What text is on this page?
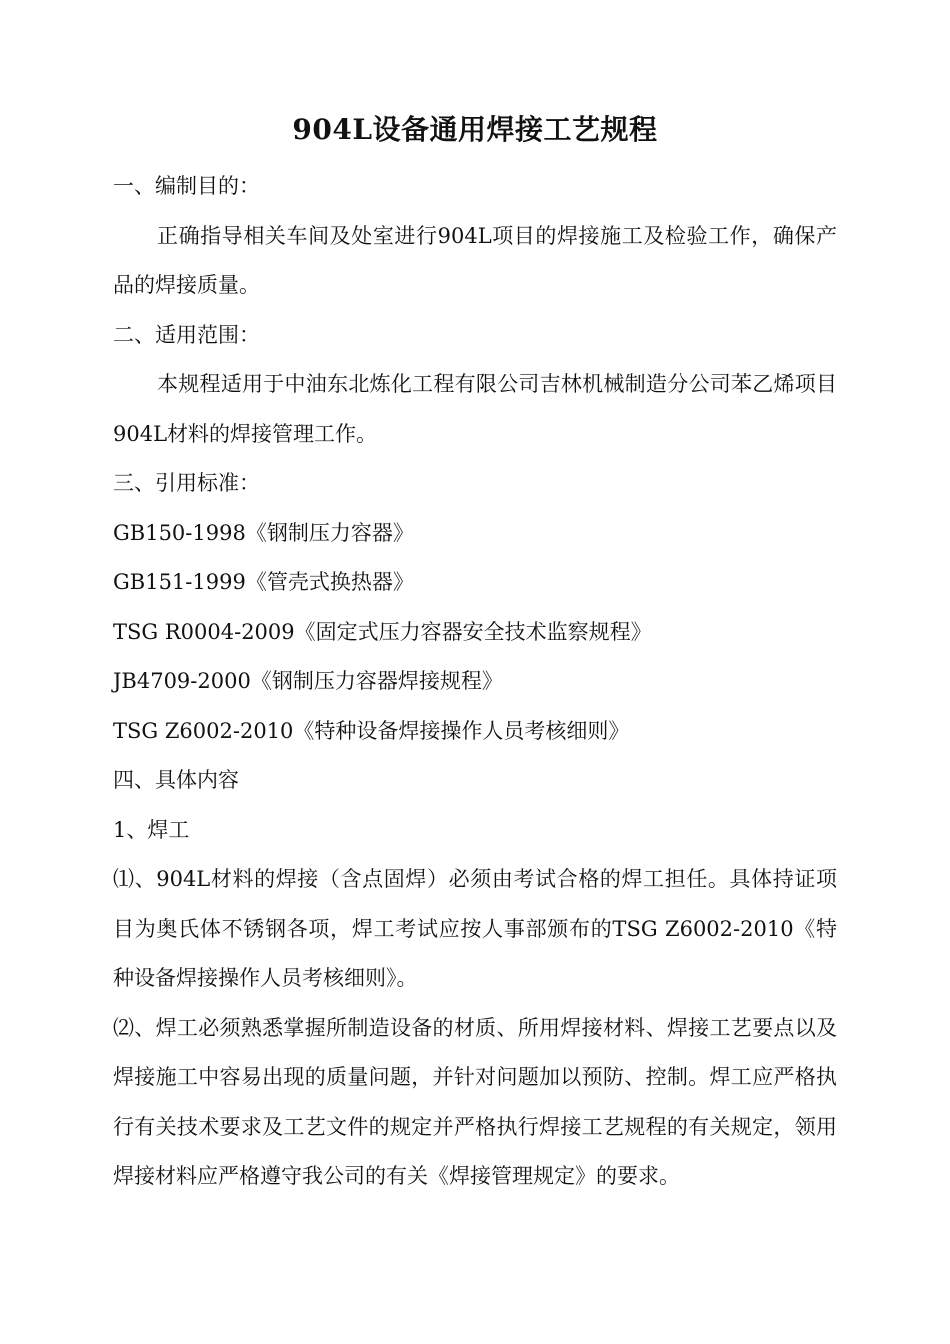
904L设备通用焊接工艺规程

一、编制目的：

正确指导相关车间及处室进行904L项目的焊接施工及检验工作，确保产品的焊接质量。

二、适用范围：

本规程适用于中油东北炼化工程有限公司吉林机械制造分公司苯乙烯项目904L材料的焊接管理工作。

三、引用标准：

GB150-1998《钢制压力容器》

GB151-1999《管壳式换热器》

TSG R0004-2009《固定式压力容器安全技术监察规程》

JB4709-2000《钢制压力容器焊接规程》

TSG Z6002-2010《特种设备焊接操作人员考核细则》

四、具体内容

1、焊工

⑴、904L材料的焊接（含点固焊）必须由考试合格的焊工担任。具体持证项目为奥氏体不锈钢各项，焊工考试应按人事部颁布的TSG Z6002-2010《特种设备焊接操作人员考核细则》。

⑵、焊工必须熟悉掌握所制造设备的材质、所用焊接材料、焊接工艺要点以及焊接施工中容易出现的质量问题，并针对问题加以预防、控制。焊工应严格执行有关技术要求及工艺文件的规定并严格执行焊接工艺规程的有关规定，领用焊接材料应严格遵守我公司的有关《焊接管理规定》的要求。
